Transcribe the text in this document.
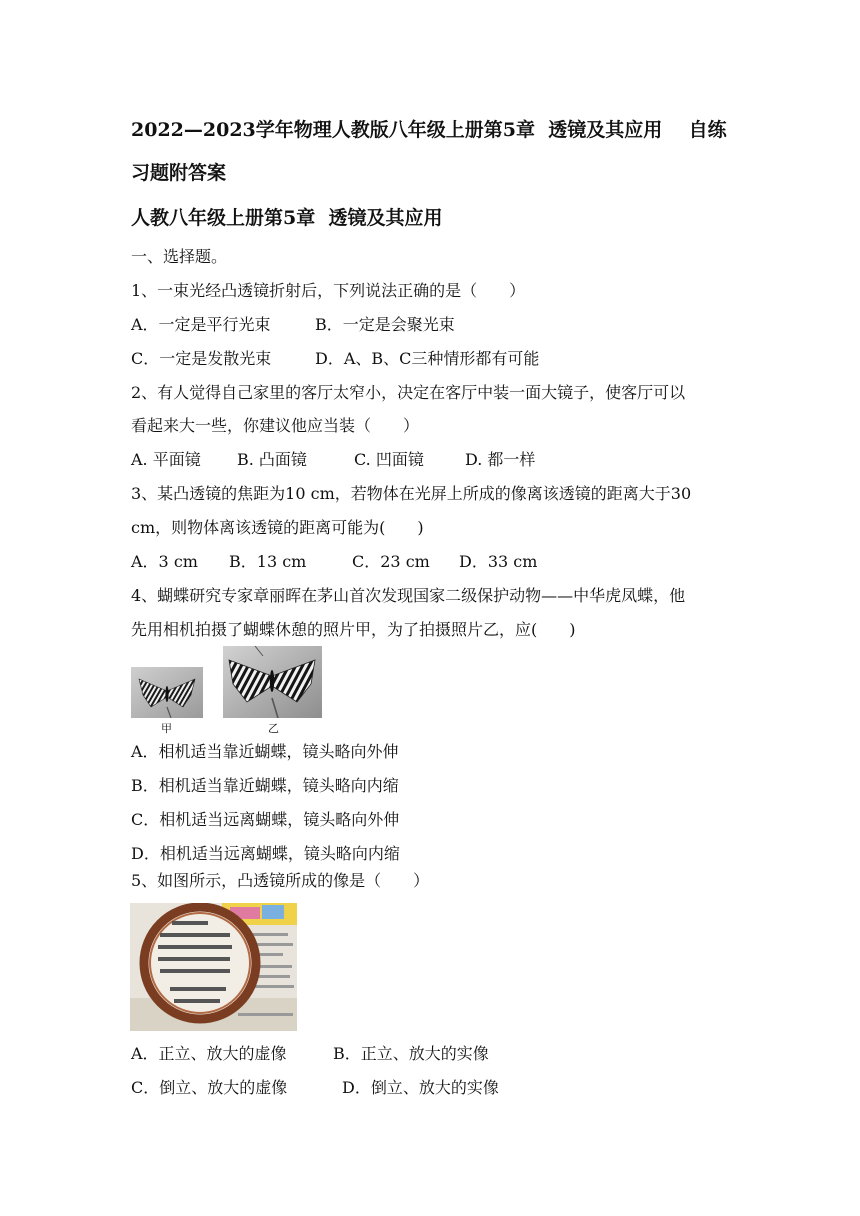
2022—2023学年物理人教版八年级上册第5章  透镜及其应用    自练
习题附答案
人教八年级上册第5章  透镜及其应用
一、选择题。
1、一束光经凸透镜折射后，下列说法正确的是（　　）
A．一定是平行光束	B．一定是会聚光束
C．一定是发散光束	D．A、B、C三种情形都有可能
2、有人觉得自己家里的客厅太窄小，决定在客厅中装一面大镜子，使客厅可以
看起来大一些，你建议他应当装（　　）
A. 平面镜 B. 凸面镜	C. 凹面镜	D. 都一样
3、某凸透镜的焦距为10 cm，若物体在光屏上所成的像离该透镜的距离大于30
cm，则物体离该透镜的距离可能为(　　)
A．3 cm B．13 cm	C．23 cm D．33 cm
4、蝴蝶研究专家章丽晖在茅山首次发现国家二级保护动物——中华虎凤蝶，他
先用相机拍摄了蝴蝶休憩的照片甲，为了拍摄照片乙，应(　　)
甲	乙
A．相机适当靠近蝴蝶，镜头略向外伸
B．相机适当靠近蝴蝶，镜头略向内缩
C．相机适当远离蝴蝶，镜头略向外伸
D．相机适当远离蝴蝶，镜头略向内缩
5、如图所示，凸透镜所成的像是（　　）
A．正立、放大的虚像	B．正立、放大的实像
C．倒立、放大的虚像	D．倒立、放大的实像
